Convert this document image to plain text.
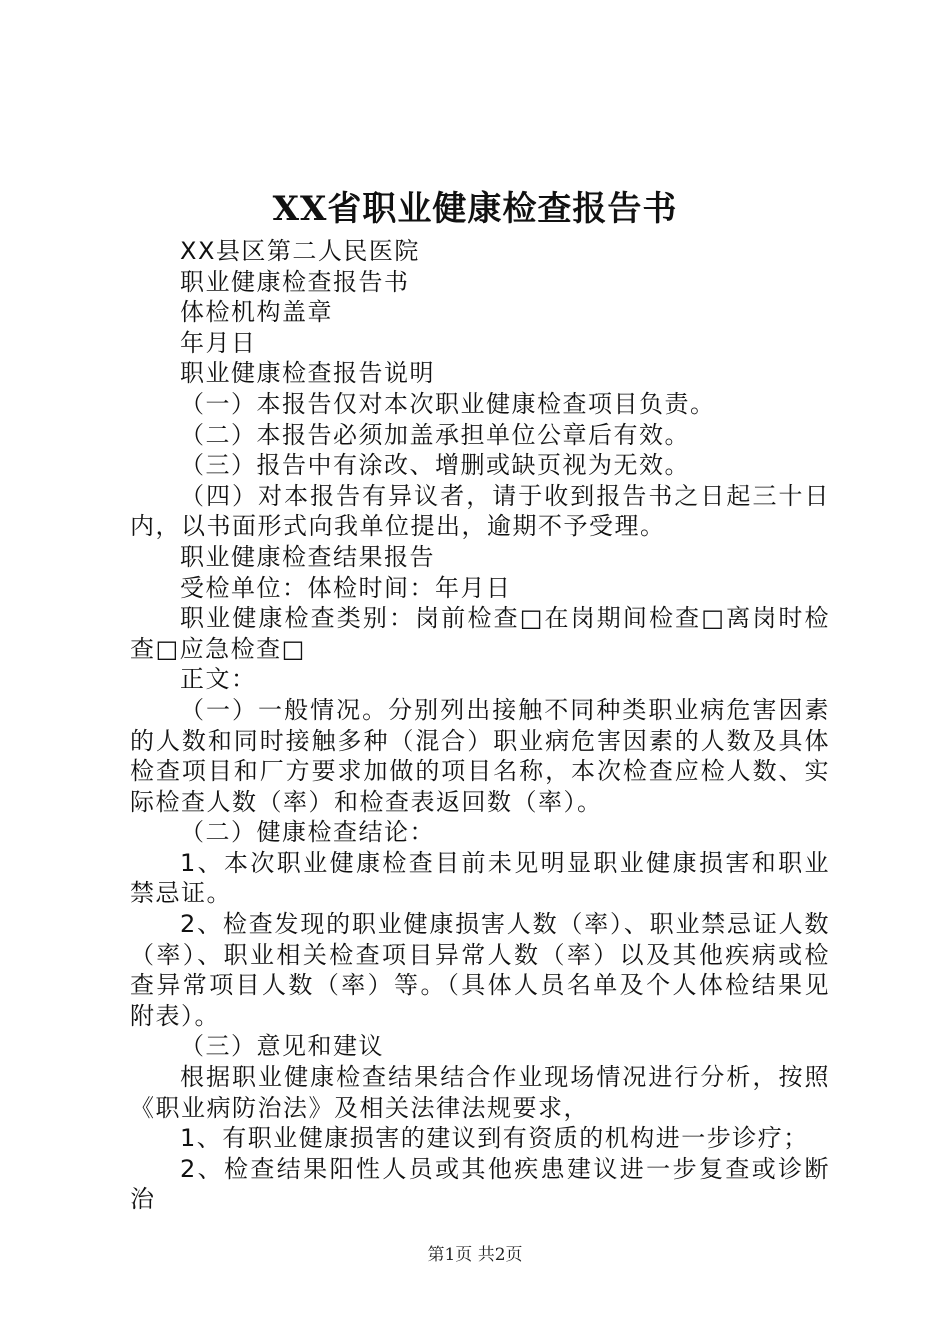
XX省职业健康检查报告书

XX县区第二人民医院

职业健康检查报告书

体检机构盖章

年月日

职业健康检查报告说明

（一）本报告仅对本次职业健康检查项目负责。

（二）本报告必须加盖承担单位公章后有效。

（三）报告中有涂改、增删或缺页视为无效。

（四）对本报告有异议者，请于收到报告书之日起三十日内，以书面形式向我单位提出，逾期不予受理。

职业健康检查结果报告

受检单位：体检时间：年月日

职业健康检查类别：岗前检查□在岗期间检查□离岗时检查□应急检查□

正文：

（一）一般情况。分别列出接触不同种类职业病危害因素的人数和同时接触多种（混合）职业病危害因素的人数及具体检查项目和厂方要求加做的项目名称，本次检查应检人数、实际检查人数（率）和检查表返回数（率）。

（二）健康检查结论：

1、本次职业健康检查目前未见明显职业健康损害和职业禁忌证。

2、检查发现的职业健康损害人数（率）、职业禁忌证人数（率）、职业相关检查项目异常人数（率）以及其他疾病或检查异常项目人数（率）等。（具体人员名单及个人体检结果见附表）。

（三）意见和建议

根据职业健康检查结果结合作业现场情况进行分析，按照《职业病防治法》及相关法律法规要求，

1、有职业健康损害的建议到有资质的机构进一步诊疗；

2、检查结果阳性人员或其他疾患建议进一步复查或诊断治

第1页 共2页
